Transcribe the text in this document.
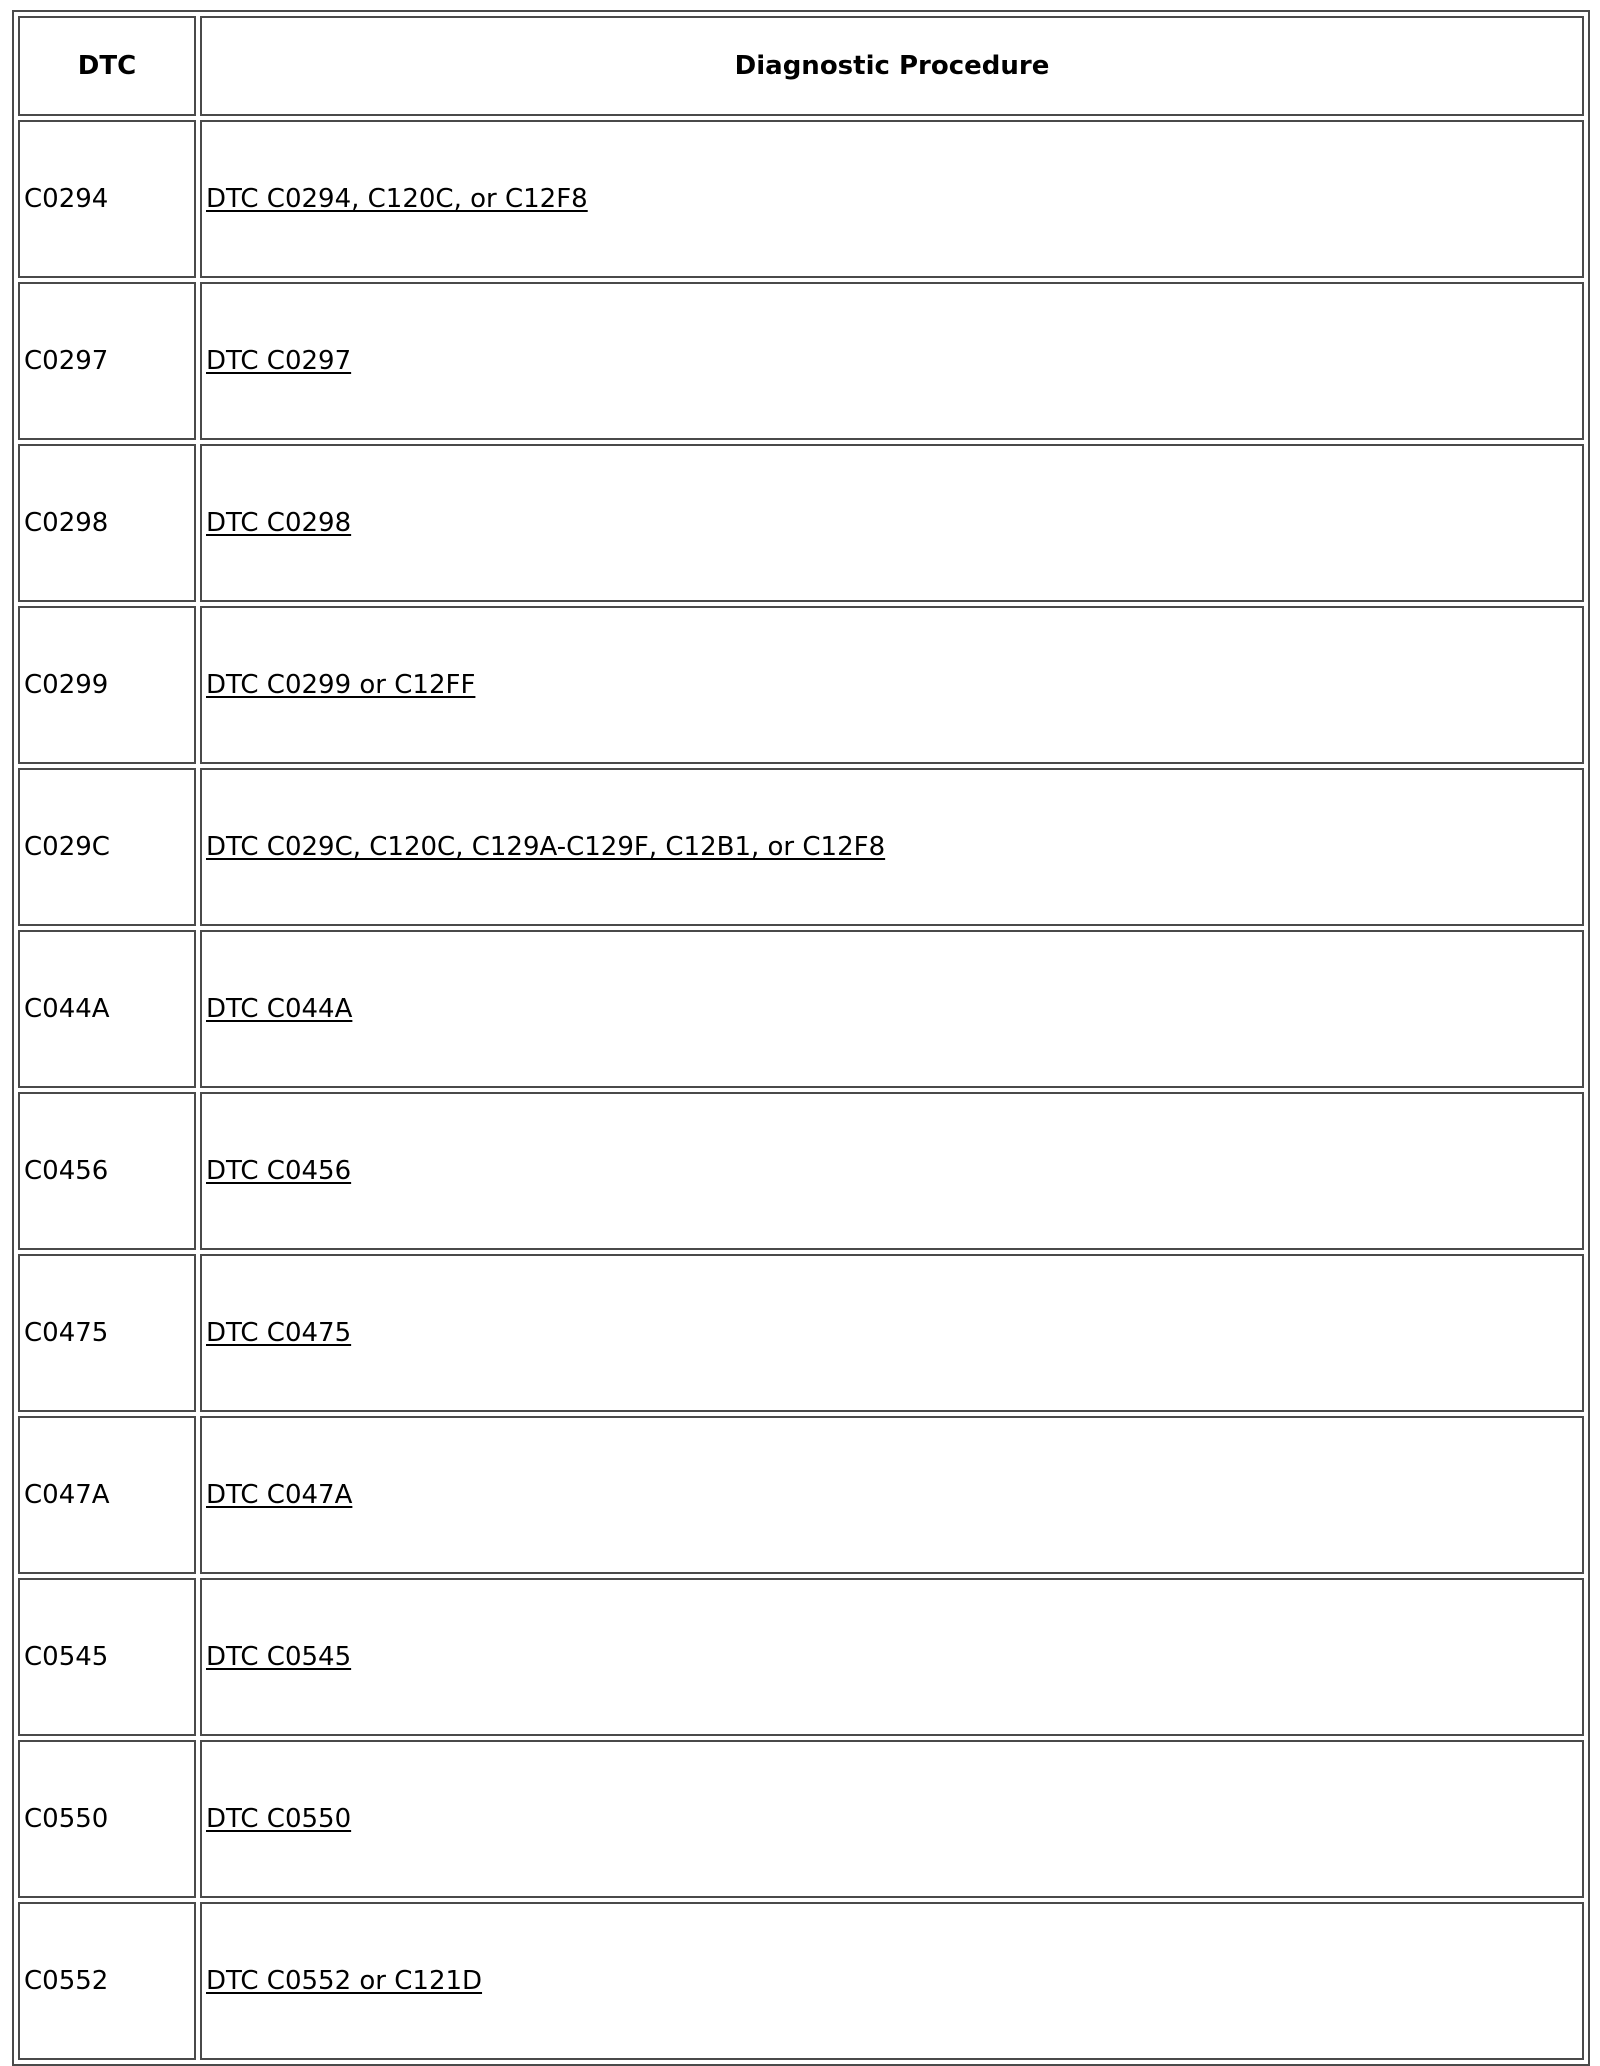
DTC	Diagnostic Procedure
C0294	DTC C0294, C120C, or C12F8
C0297	DTC C0297
C0298	DTC C0298
C0299	DTC C0299 or C12FF
C029C	DTC C029C, C120C, C129A-C129F, C12B1, or C12F8
C044A	DTC C044A
C0456	DTC C0456
C0475	DTC C0475
C047A	DTC C047A
C0545	DTC C0545
C0550	DTC C0550
C0552	DTC C0552 or C121D
